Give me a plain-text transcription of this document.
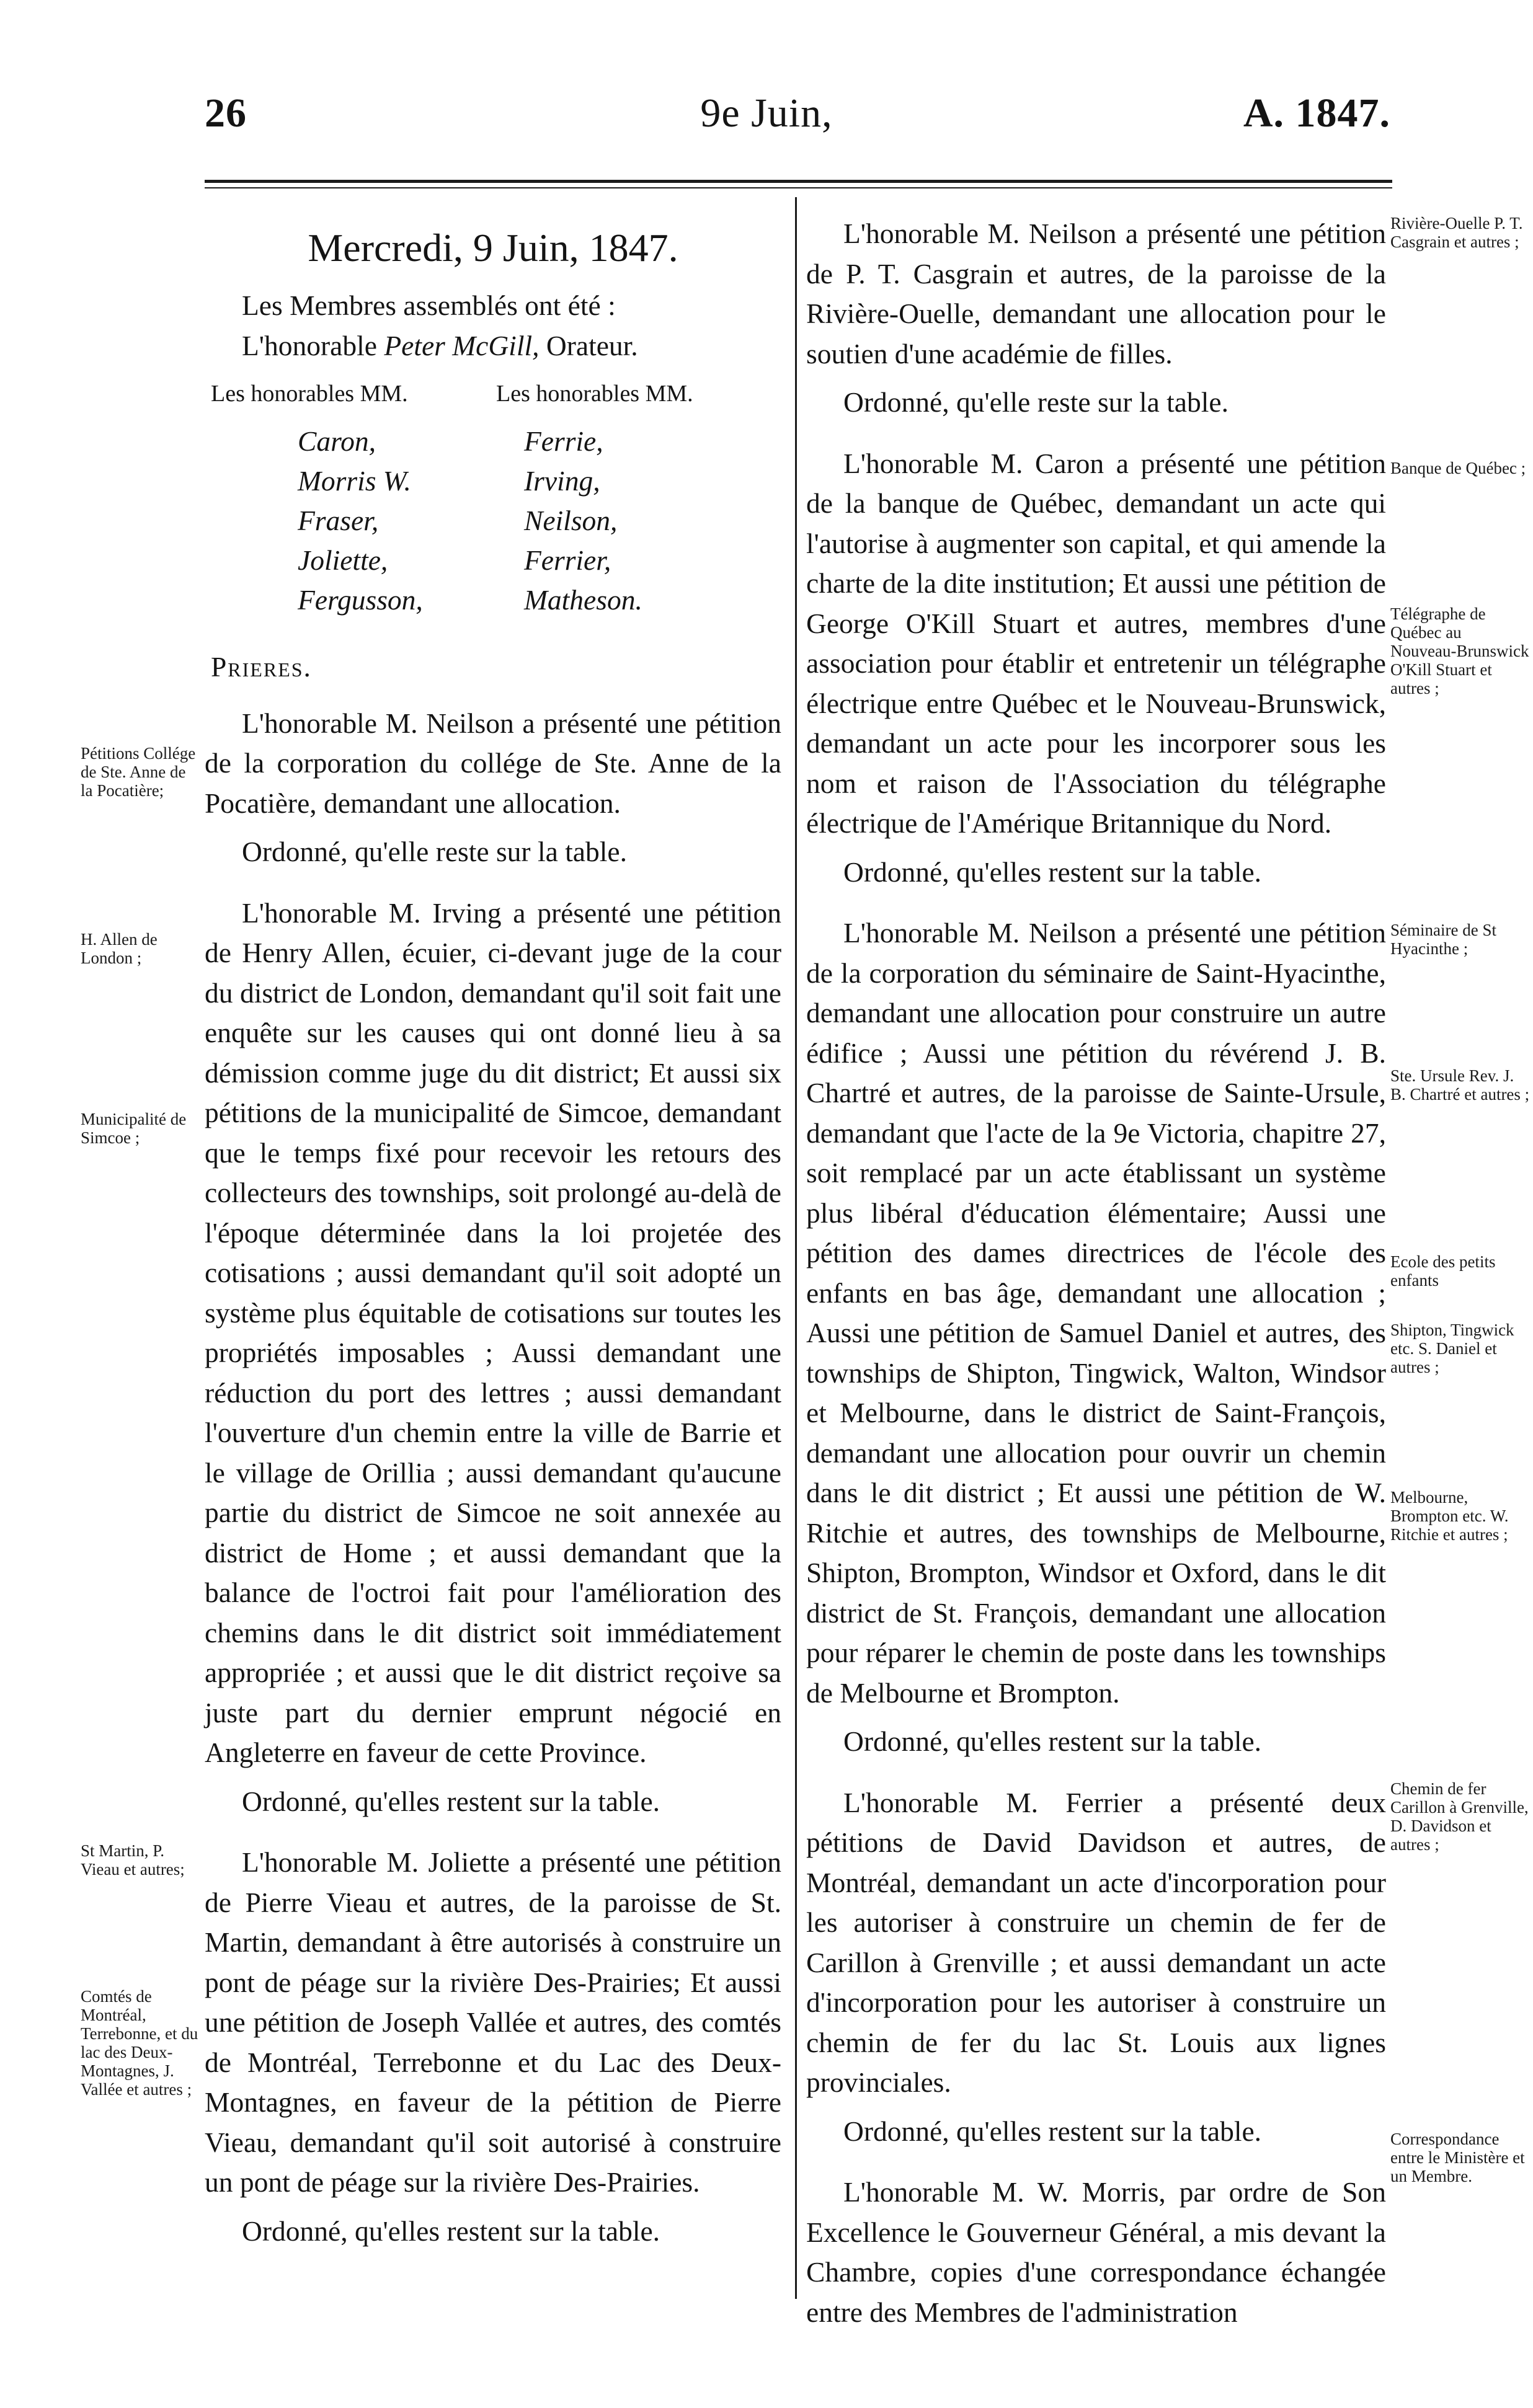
26	9e Juin,	A. 1847.
Mercredi, 9 Juin, 1847.
Les Membres assemblés ont été :
L'honorable Peter McGill, Orateur.
Les honorables MM.
Caron,
Morris W.
Fraser,
Joliette,
Fergusson,
Les honorables MM.
Ferrie,
Irving,
Neilson,
Ferrier,
Matheson.
Prieres.

L'honorable M. Neilson a présenté une pétition de la corporation du collége de Ste. Anne de la Pocatière, demandant une allocation.

Ordonné, qu'elle reste sur la table.

L'honorable M. Irving a présenté une pétition de Henry Allen, écuier, ci-devant juge de la cour du district de London, demandant qu'il soit fait une enquête sur les causes qui ont donné lieu à sa démission comme juge du dit district; Et aussi six pétitions de la municipalité de Simcoe, demandant que le temps fixé pour recevoir les retours des collecteurs des townships, soit prolongé au-delà de l'époque déterminée dans la loi projetée des cotisations ; aussi demandant qu'il soit adopté un système plus équitable de cotisations sur toutes les propriétés imposables ; Aussi demandant une réduction du port des lettres ; aussi demandant l'ouverture d'un chemin entre la ville de Barrie et le village de Orillia ; aussi demandant qu'aucune partie du district de Simcoe ne soit annexée au district de Home ; et aussi demandant que la balance de l'octroi fait pour l'amélioration des chemins dans le dit district soit immédiatement appropriée ; et aussi que le dit district reçoive sa juste part du dernier emprunt négocié en Angleterre en faveur de cette Province.

Ordonné, qu'elles restent sur la table.

L'honorable M. Joliette a présenté une pétition de Pierre Vieau et autres, de la paroisse de St. Martin, demandant à être autorisés à construire un pont de péage sur la rivière Des-Prairies; Et aussi une pétition de Joseph Vallée et autres, des comtés de Montréal, Terrebonne et du Lac des Deux-Montagnes, en faveur de la pétition de Pierre Vieau, demandant qu'il soit autorisé à construire un pont de péage sur la rivière Des-Prairies.

Ordonné, qu'elles restent sur la table.

L'honorable M. Neilson a présenté une pétition de P. T. Casgrain et autres, de la paroisse de la Rivière-Ouelle, demandant une allocation pour le soutien d'une académie de filles.

Ordonné, qu'elle reste sur la table.

L'honorable M. Caron a présenté une pétition de la banque de Québec, demandant un acte qui l'autorise à augmenter son capital, et qui amende la charte de la dite institution; Et aussi une pétition de George O'Kill Stuart et autres, membres d'une association pour établir et entretenir un télégraphe électrique entre Québec et le Nouveau-Brunswick, demandant un acte pour les incorporer sous les nom et raison de l'Association du télégraphe électrique de l'Amérique Britannique du Nord.

Ordonné, qu'elles restent sur la table.

L'honorable M. Neilson a présenté une pétition de la corporation du séminaire de Saint-Hyacinthe, demandant une allocation pour construire un autre édifice ; Aussi une pétition du révérend J. B. Chartré et autres, de la paroisse de Sainte-Ursule, demandant que l'acte de la 9e Victoria, chapitre 27, soit remplacé par un acte établissant un système plus libéral d'éducation élémentaire; Aussi une pétition des dames directrices de l'école des enfants en bas âge, demandant une allocation ; Aussi une pétition de Samuel Daniel et autres, des townships de Shipton, Tingwick, Walton, Windsor et Melbourne, dans le district de Saint-François, demandant une allocation pour ouvrir un chemin dans le dit district ; Et aussi une pétition de W. Ritchie et autres, des townships de Melbourne, Shipton, Brompton, Windsor et Oxford, dans le dit district de St. François, demandant une allocation pour réparer le chemin de poste dans les townships de Melbourne et Brompton.

Ordonné, qu'elles restent sur la table.

L'honorable M. Ferrier a présenté deux pétitions de David Davidson et autres, de Montréal, demandant un acte d'incorporation pour les autoriser à construire un chemin de fer de Carillon à Grenville ; et aussi demandant un acte d'incorporation pour les autoriser à construire un chemin de fer du lac St. Louis aux lignes provinciales.

Ordonné, qu'elles restent sur la table.

L'honorable M. W. Morris, par ordre de Son Excellence le Gouverneur Général, a mis devant la Chambre, copies d'une correspondance échangée entre des Membres de l'administration

Pétitions Collége de Ste. Anne de la Pocatière;
H. Allen de London ;
Municipalité de Simcoe ;
St Martin, P. Vieau et autres;
Comtés de Montréal, Terrebonne, et du lac des Deux-Montagnes, J. Vallée et autres ;
Rivière-Ouelle P. T. Casgrain et autres ;
Banque de Québec ;
Télégraphe de Québec au Nouveau-Brunswick O'Kill Stuart et autres ;
Séminaire de St Hyacinthe ;
Ste. Ursule Rev. J. B. Chartré et autres ;
Ecole des petits enfants
Shipton, Tingwick etc. S. Daniel et autres ;
Melbourne, Brompton etc. W. Ritchie et autres ;
Chemin de fer Carillon à Grenville, D. Davidson et autres ;
Correspondance entre le Ministère et un Membre.
